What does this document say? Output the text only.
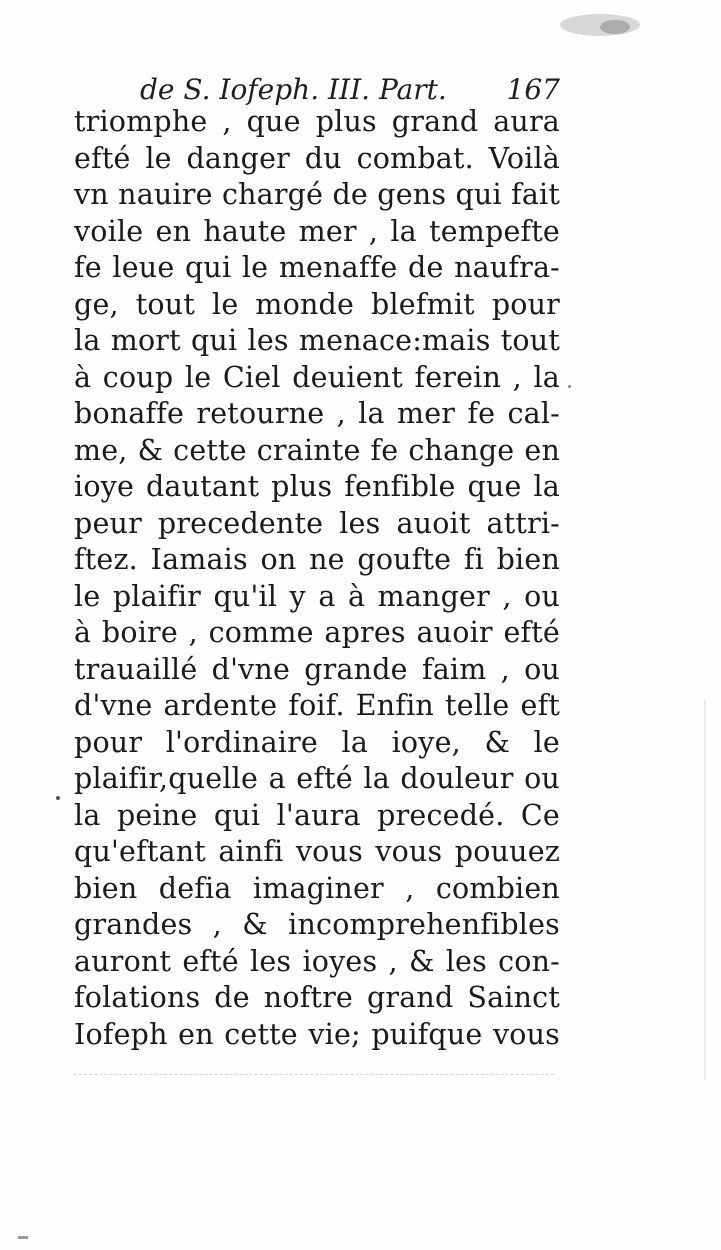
de S. Iofeph. III. Part. 167
triomphe , que plus grand aura
efté le danger du combat. Voilà
vn nauire chargé de gens qui fait
voile en haute mer , la tempefte
fe leue qui le menaffe de naufra-
ge, tout le monde blefmit pour
la mort qui les menace:mais tout
à coup le Ciel deuient ferein , la
bonaffe retourne , la mer fe cal-
me, & cette crainte fe change en
ioye dautant plus fenfible que la
peur precedente les auoit attri-
ftez. Iamais on ne goufte fi bien
le plaifir qu'il y a à manger , ou
à boire , comme apres auoir efté
trauaillé d'vne grande faim , ou
d'vne ardente foif. Enfin telle eft
pour l'ordinaire la ioye, & le
plaifir,quelle a efté la douleur ou
la peine qui l'aura precedé. Ce
qu'eftant ainfi vous vous pouuez
bien defia imaginer , combien
grandes , & incomprehenfibles
auront efté les ioyes , & les con-
folations de noftre grand Sainct
Iofeph en cette vie; puifque vous
